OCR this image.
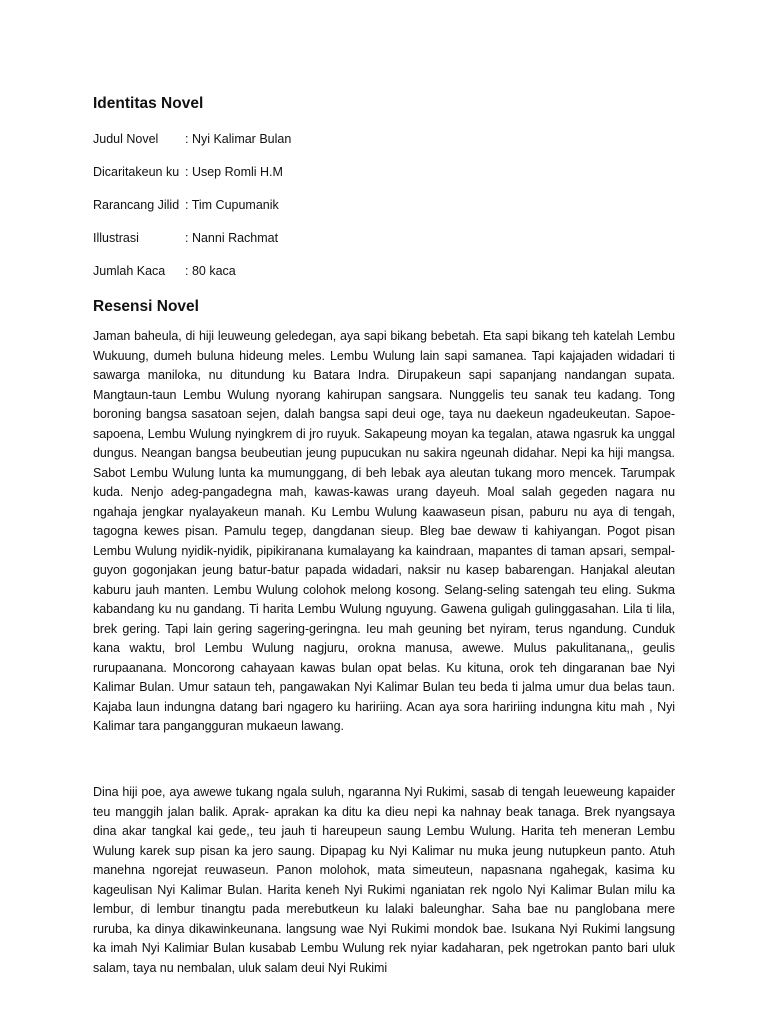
Identitas Novel
Judul Novel : Nyi Kalimar Bulan
Dicaritakeun ku : Usep Romli H.M
Rarancang Jilid : Tim Cupumanik
Illustrasi	: Nanni Rachmat
Jumlah Kaca : 80 kaca
Resensi Novel

Jaman baheula, di hiji leuweung geledegan, aya sapi bikang bebetah. Eta sapi bikang teh katelah Lembu Wukuung, dumeh buluna hideung meles. Lembu Wulung lain sapi samanea. Tapi kajajaden widadari ti sawarga maniloka, nu ditundung ku Batara Indra. Dirupakeun sapi sapanjang nandangan supata. Mangtaun-taun Lembu Wulung nyorang kahirupan sangsara. Nunggelis teu sanak teu kadang. Tong boroning bangsa sasatoan sejen, dalah bangsa sapi deui oge, taya nu daekeun ngadeukeutan. Sapoe-sapoena, Lembu Wulung nyingkrem di jro ruyuk. Sakapeung moyan ka tegalan, atawa ngasruk ka unggal dungus. Neangan bangsa beubeutian jeung pupucukan nu sakira ngeunah didahar. Nepi ka hiji mangsa. Sabot Lembu Wulung lunta ka mumunggang, di beh lebak aya aleutan tukang moro mencek. Tarumpak kuda. Nenjo adeg-pangadegna mah, kawas-kawas urang dayeuh. Moal salah gegeden nagara nu ngahaja jengkar nyalayakeun manah. Ku Lembu Wulung kaawaseun pisan, paburu nu aya di tengah, tagogna kewes pisan. Pamulu tegep, dangdanan sieup. Bleg bae dewaw ti kahiyangan. Pogot pisan Lembu Wulung nyidik-nyidik, pipikiranana kumalayang ka kaindraan, mapantes di taman apsari, sempal-guyon gogonjakan jeung batur-batur papada widadari, naksir nu kasep babarengan. Hanjakal aleutan kaburu jauh manten. Lembu Wulung colohok melong kosong. Selang-seling satengah teu eling. Sukma kabandang ku nu gandang. Ti harita Lembu Wulung nguyung. Gawena guligah gulinggasahan. Lila ti lila, brek gering. Tapi lain gering sagering-geringna. Ieu mah geuning bet nyiram, terus ngandung. Cunduk kana waktu, brol Lembu Wulung nagjuru, orokna manusa, awewe. Mulus pakulitanana,, geulis rurupaanana. Moncorong cahayaan kawas bulan opat belas. Ku kituna, orok teh dingaranan bae Nyi Kalimar Bulan. Umur sataun teh, pangawakan Nyi Kalimar Bulan teu beda ti jalma umur dua belas taun. Kajaba laun indungna datang bari ngagero ku haririing. Acan aya sora haririing indungna kitu mah , Nyi Kalimar tara pangangguran mukaeun lawang.

Dina hiji poe, aya awewe tukang ngala suluh, ngaranna Nyi Rukimi, sasab di tengah leueweung kapaider teu manggih jalan balik. Aprak- aprakan ka ditu ka dieu nepi ka nahnay beak tanaga. Brek nyangsaya dina akar tangkal kai gede,, teu jauh ti hareupeun saung Lembu Wulung. Harita teh meneran Lembu Wulung karek sup pisan ka jero saung. Dipapag ku Nyi Kalimar nu muka jeung nutupkeun panto. Atuh manehna ngorejat reuwaseun. Panon molohok, mata simeuteun, napasnana ngahegak, kasima ku kageulisan Nyi Kalimar Bulan. Harita keneh Nyi Rukimi nganiatan rek ngolo Nyi Kalimar Bulan milu ka lembur, di lembur tinangtu pada merebutkeun ku lalaki baleunghar. Saha bae nu panglobana mere ruruba, ka dinya dikawinkeunana. langsung wae Nyi Rukimi mondok bae. Isukana Nyi Rukimi langsung ka imah Nyi Kalimiar Bulan kusabab Lembu Wulung rek nyiar kadaharan, pek ngetrokan panto bari uluk salam, taya nu nembalan, uluk salam deui Nyi Rukimi
